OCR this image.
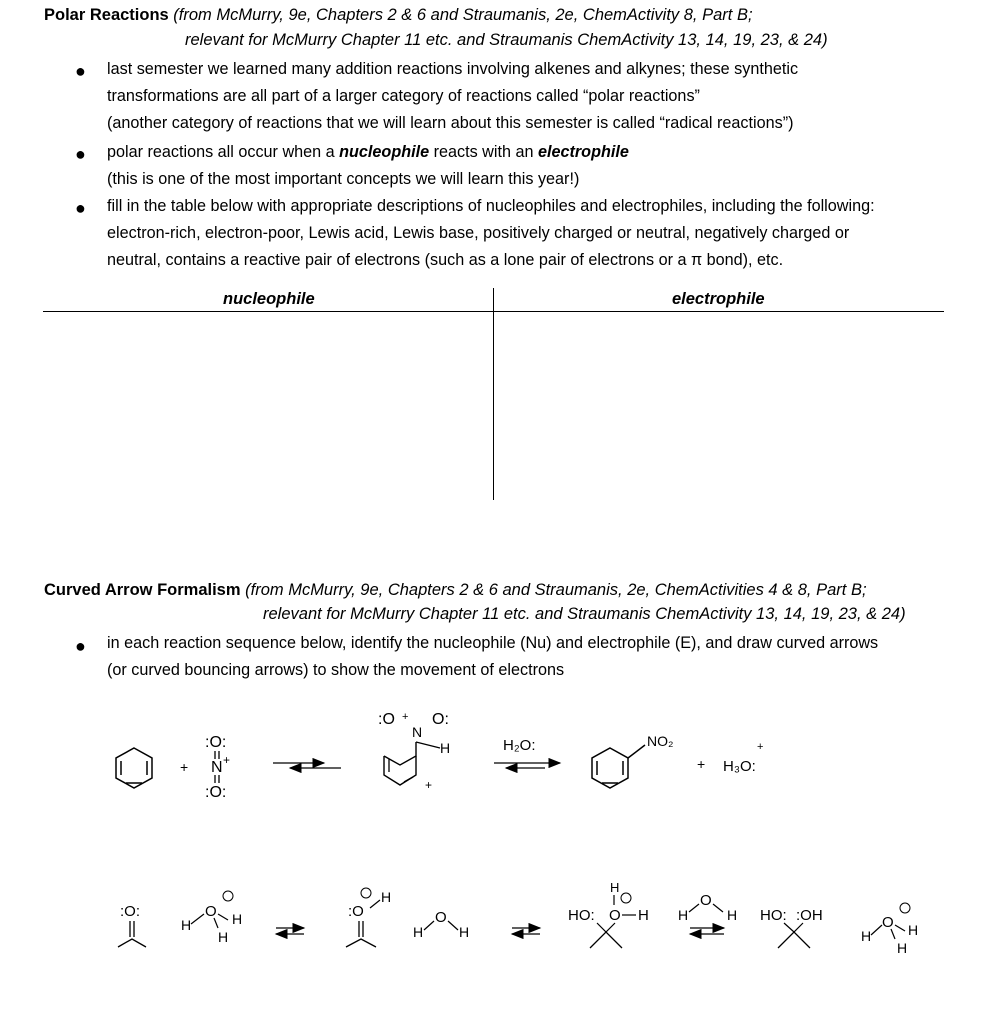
Polar Reactions (from McMurry, 9e, Chapters 2 & 6 and Straumanis, 2e, ChemActivity 8, Part B;
relevant for McMurry Chapter 11 etc. and Straumanis ChemActivity 13, 14, 19, 23, & 24)
● last semester we learned many addition reactions involving alkenes and alkynes; these synthetic
transformations are all part of a larger category of reactions called “polar reactions”
(another category of reactions that we will learn about this semester is called “radical reactions”)
● polar reactions all occur when a nucleophile reacts with an electrophile
(this is one of the most important concepts we will learn this year!)
● fill in the table below with appropriate descriptions of nucleophiles and electrophiles, including the following:
electron-rich, electron-poor, Lewis acid, Lewis base, positively charged or neutral, negatively charged or
neutral, contains a reactive pair of electrons (such as a lone pair of electrons or a π bond), etc.
nucleophile	electrophile
Curved Arrow Formalism (from McMurry, 9e, Chapters 2 & 6 and Straumanis, 2e, ChemActivities 4 & 8, Part B;
relevant for McMurry Chapter 11 etc. and Straumanis ChemActivity 13, 14, 19, 23, & 24)
● in each reaction sequence below, identify the nucleophile (Nu) and electrophile (E), and draw curved arrows
(or curved bouncing arrows) to show the movement of electrons
+
:O:
N +
:O:
:O + O:
N
H
+
H₂O:	NO₂
+
+
H₃O:
:O:
H
O H
H
:O
H
H
O
H
H
HO: O H H
O
H HO: :OH
H
O H
H
